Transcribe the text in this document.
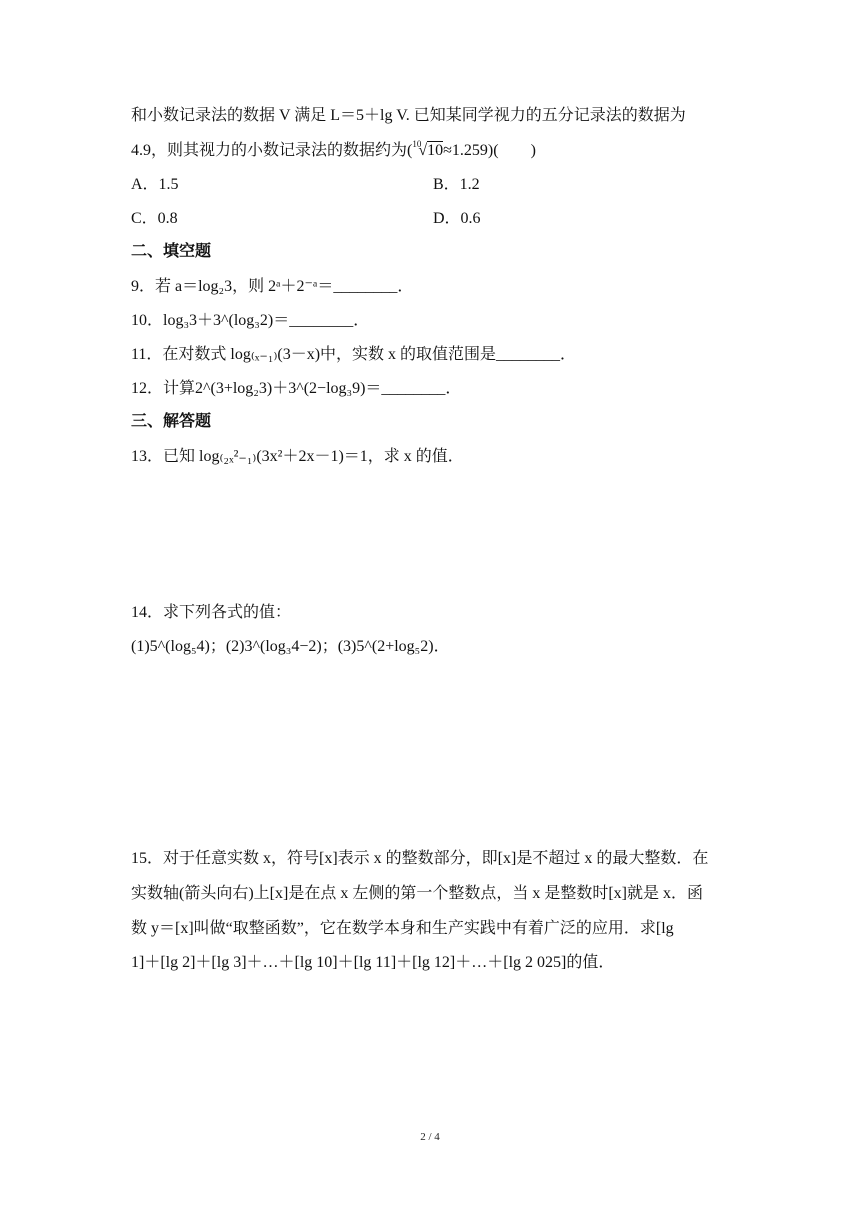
和小数记录法的数据 V 满足 L＝5＋lg V. 已知某同学视力的五分记录法的数据为
4.9，则其视力的小数记录法的数据约为( 10
√10≈1.259)(　　)
A．1.5	B．1.2
C．0.8	D．0.6
二、填空题
9．若 a＝log₂3，则 2ᵃ＋2⁻ᵃ＝________．
10．log₃3＋3^(log₃2)＝________．
11．在对数式 log₍ₓ₋₁₎(3－x)中，实数 x 的取值范围是________．
12．计算2^(3+log₂3)＋3^(2−log₃9)＝________．
三、解答题
13．已知 log₍₂ₓ²₋₁₎(3x²＋2x－1)＝1，求 x 的值．
14．求下列各式的值：
(1)5^(log₅4)；(2)3^(log₃4−2)；(3)5^(2+log₅2)．
15．对于任意实数 x，符号[x]表示 x 的整数部分，即[x]是不超过 x 的最大整数．在
实数轴(箭头向右)上[x]是在点 x 左侧的第一个整数点，当 x 是整数时[x]就是 x．函
数 y＝[x]叫做“取整函数”，它在数学本身和生产实践中有着广泛的应用．求[lg
1]＋[lg 2]＋[lg 3]＋…＋[lg 10]＋[lg 11]＋[lg 12]＋…＋[lg 2 025]的值．
2 / 4
